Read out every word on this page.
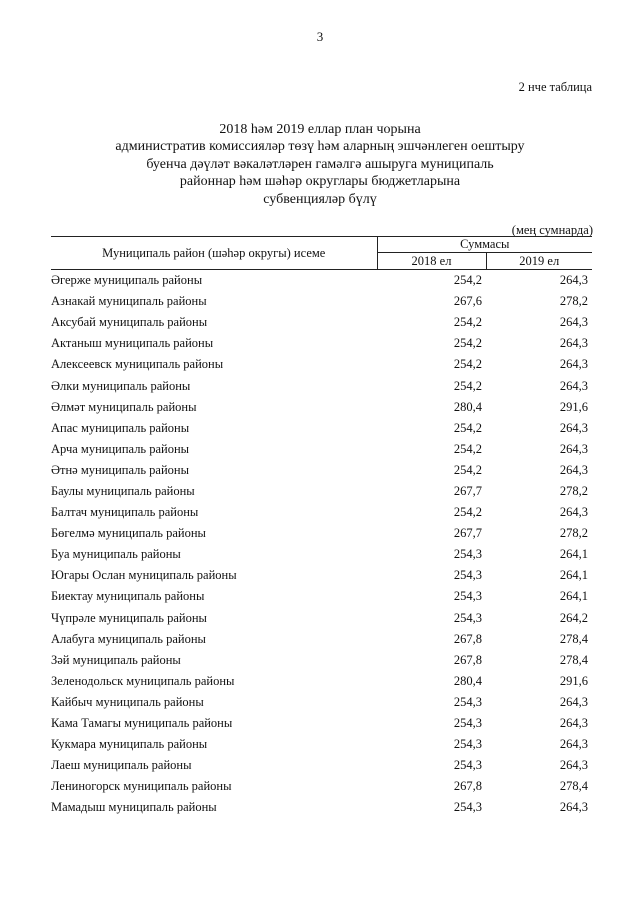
3
2 нче таблица
2018 һәм 2019 еллар план чорына
административ комиссияләр төзү һәм аларның эшчәнлеген оештыру
буенча дәүләт вәкаләтләрен гамәлгә ашыруга муниципаль
районнар һәм шәһәр округлары бюджетларына
субвенцияләр бүлү
(мең сумнарда)
Муниципаль район (шәһәр округы) исеме	Суммасы	
	2018 ел	2019 ел
Әгерже муниципаль районы	254,2	264,3
Азнакай муниципаль районы	267,6	278,2
Аксубай муниципаль районы	254,2	264,3
Актаныш муниципаль районы	254,2	264,3
Алексеевск муниципаль районы	254,2	264,3
Әлки муниципаль районы	254,2	264,3
Әлмәт муниципаль районы	280,4	291,6
Апас муниципаль районы	254,2	264,3
Арча муниципаль районы	254,2	264,3
Әтнә муниципаль районы	254,2	264,3
Баулы муниципаль районы	267,7	278,2
Балтач муниципаль районы	254,2	264,3
Бөгелмә муниципаль районы	267,7	278,2
Буа муниципаль районы	254,3	264,1
Югары Ослан муниципаль районы	254,3	264,1
Биектау муниципаль районы	254,3	264,1
Чүпрәле муниципаль районы	254,3	264,2
Алабуга муниципаль районы	267,8	278,4
Зәй муниципаль районы	267,8	278,4
Зеленодольск муниципаль районы	280,4	291,6
Кайбыч муниципаль районы	254,3	264,3
Кама Тамагы муниципаль районы	254,3	264,3
Кукмара муниципаль районы	254,3	264,3
Лаеш муниципаль районы	254,3	264,3
Лениногорск муниципаль районы	267,8	278,4
Мамадыш муниципаль районы	254,3	264,3
